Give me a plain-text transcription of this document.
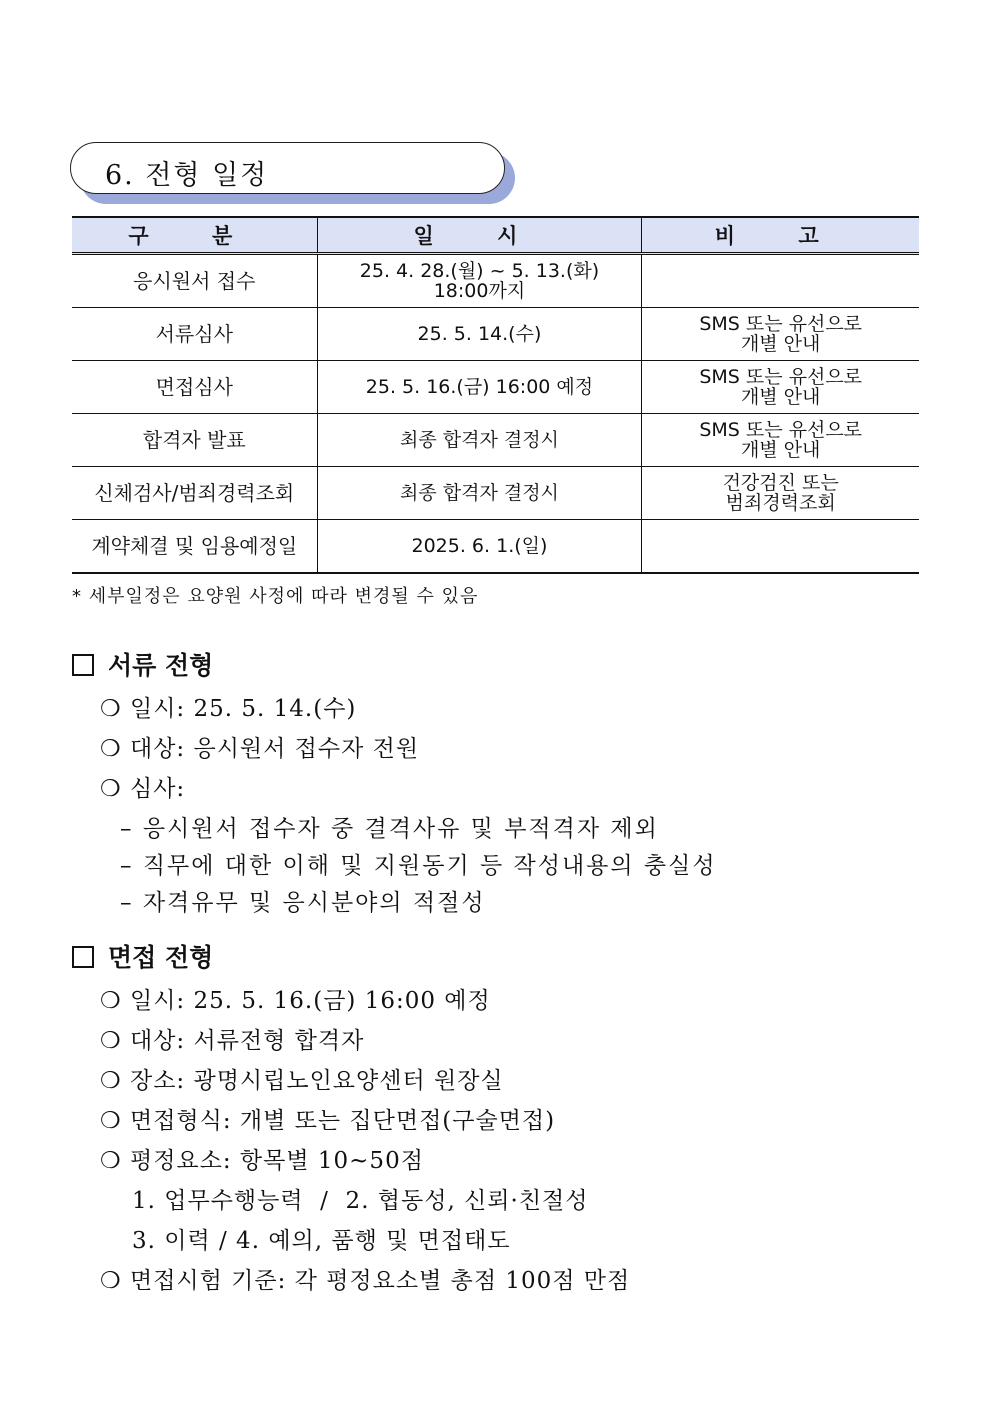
6. 전형 일정
구 분	일 시	비 고
응시원서 접수	25. 4. 28.(월) ~ 5. 13.(화)
18:00까지	
서류심사	25. 5. 14.(수)	SMS 또는 유선으로
개별 안내
면접심사	25. 5. 16.(금) 16:00 예정	SMS 또는 유선으로
개별 안내
합격자 발표	최종 합격자 결정시	SMS 또는 유선으로
개별 안내
신체검사/범죄경력조회	최종 합격자 결정시	건강검진 또는
범죄경력조회
계약체결 및 임용예정일	2025. 6. 1.(일)	
* 세부일정은 요양원 사정에 따라 변경될 수 있음
서류 전형
❍ 일시: 25. 5. 14.(수)
❍ 대상: 응시원서 접수자 전원
❍ 심사:
– 응시원서 접수자 중 결격사유 및 부적격자 제외
– 직무에 대한 이해 및 지원동기 등 작성내용의 충실성
– 자격유무 및 응시분야의 적절성
면접 전형
❍ 일시: 25. 5. 16.(금) 16:00 예정
❍ 대상: 서류전형 합격자
❍ 장소: 광명시립노인요양센터 원장실
❍ 면접형식: 개별 또는 집단면접(구술면접)
❍ 평정요소: 항목별 10~50점
1. 업무수행능력  /  2. 협동성, 신뢰·친절성
3. 이력 / 4. 예의, 품행 및 면접태도
❍ 면접시험 기준: 각 평정요소별 총점 100점 만점
